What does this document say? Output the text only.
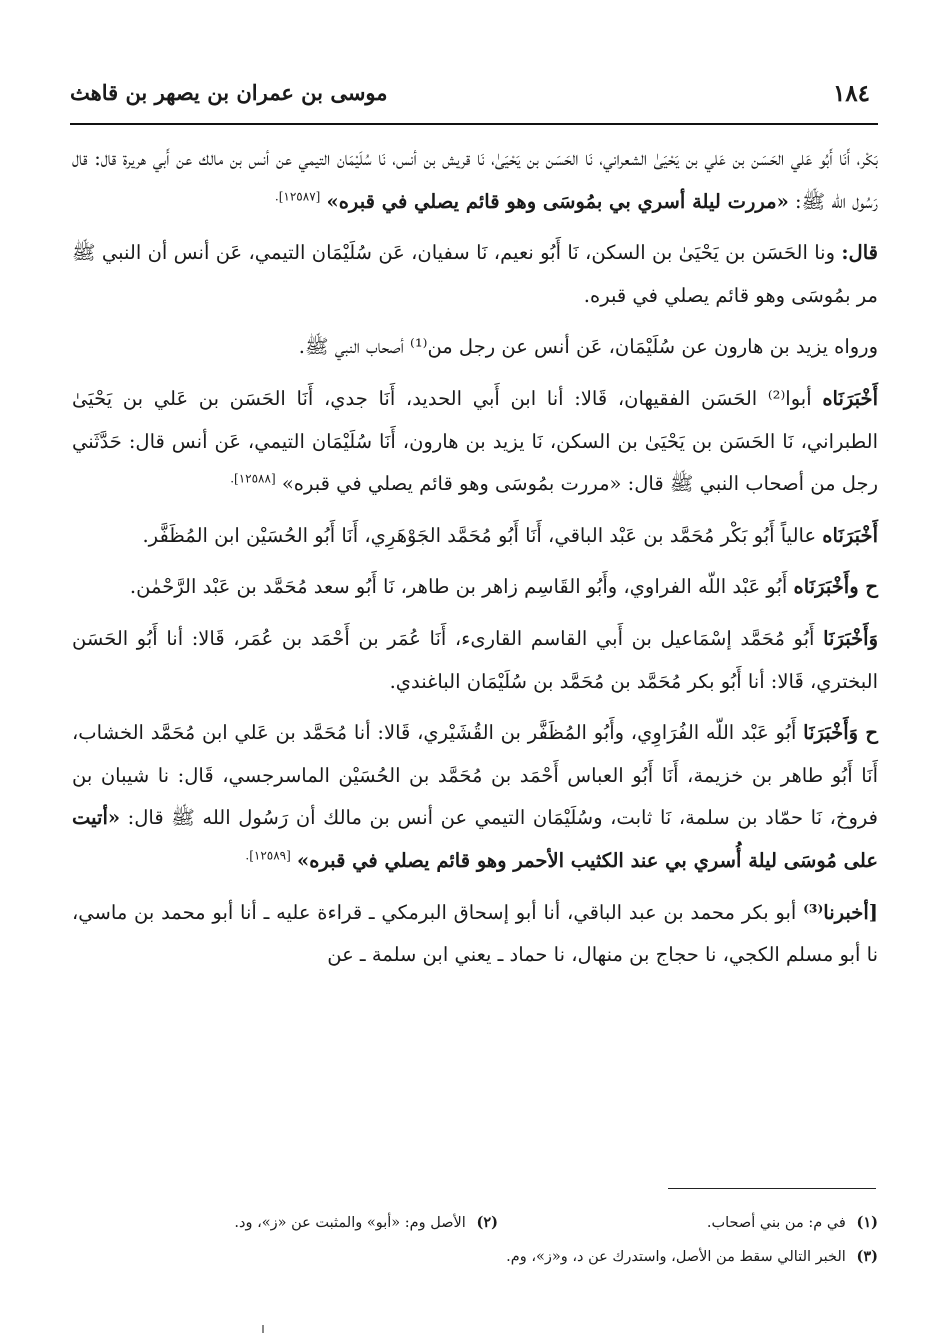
١٨٤
موسى بن عمران بن يصهر بن قاهث

بَكْر، أَنَا أَبُو عَلي الحَسَن بن عَلي بن يَحْيَىٰ الشعراني، نَا الحَسَن بن يَحْيَىٰ، نَا قريش بن أنس، نَا سُلَيْمَان التيمي عن أنس بن مالك عن أَبي هريرة قال: قال رَسُول الله ﷺ: «مررت ليلة أسري بي بمُوسَى وهو قائم يصلي في قبره» $^{[١٢٥٨٧].}$

قال: ونا الحَسَن بن يَحْيَىٰ بن السكن، نَا أَبُو نعيم، نَا سفيان، عَن سُلَيْمَان التيمي، عَن أنس أن النبي ﷺ مر بمُوسَى وهو قائم يصلي في قبره.

ورواه يزيد بن هارون عن سُلَيْمَان، عَن أنس عن رجل من⁽¹⁾ أصحاب النبي ﷺ.

أَخْبَرَنَاه أبوا⁽²⁾ الحَسَن الفقيهان، قَالا: أنا ابن أَبي الحديد، أَنَا جدي، أَنَا الحَسَن بن عَلي بن يَحْيَىٰ الطبراني، نَا الحَسَن بن يَحْيَىٰ بن السكن، نَا يزيد بن هارون، أَنَا سُلَيْمَان التيمي، عَن أنس قال: حَدَّثَني رجل من أصحاب النبي ﷺ قال: «مررت بمُوسَى وهو قائم يصلي في قبره» $^{[١٢٥٨٨].}$

أَخْبَرَنَاه عالياً أَبُو بَكْر مُحَمَّد بن عَبْد الباقي، أَنَا أَبُو مُحَمَّد الجَوْهَرِي، أَنَا أَبُو الحُسَيْن ابن المُظَفَّر.

ح وأَخْبَرَنَاه أَبُو عَبْد اللّه الفراوي، وأَبُو القَاسِم زاهر بن طاهر، نَا أَبُو سعد مُحَمَّد بن عَبْد الرَّحْمٰن.

وَأَخْبَرَنَا أَبُو مُحَمَّد إسْمَاعيل بن أَبي القاسم القارىء، أَنَا عُمَر بن أَحْمَد بن عُمَر، قَالا: أنا أَبُو الحَسَن البختري، قَالا: أنا أَبُو بكر مُحَمَّد بن مُحَمَّد بن سُلَيْمَان الباغندي.

ح وَأَخْبَرَنَا أَبُو عَبْد اللّه الفُرَاوِي، وأَبُو المُظَفَّر بن القُشَيْري، قَالا: أنا مُحَمَّد بن عَلي ابن مُحَمَّد الخشاب، أَنَا أَبُو طاهر بن خزيمة، أَنَا أَبُو العباس أَحْمَد بن مُحَمَّد بن الحُسَيْن الماسرجسي، قَال: نا شيبان بن فروخ، نَا حمّاد بن سلمة، نَا ثابت، وسُلَيْمَان التيمي عن أنس بن مالك أن رَسُول الله ﷺ قال: «أتيت على مُوسَى ليلة أُسري بي عند الكثيب الأحمر وهو قائم يصلي في قبره» $^{[١٢٥٨٩].}$

[أخبرنا⁽³⁾ أبو بكر محمد بن عبد الباقي، أنا أبو إسحاق البرمكي ـ قراءة عليه ـ أنا أبو محمد بن ماسي، نا أبو مسلم الكجي، نا حجاج بن منهال، نا حماد ـ يعني ابن سلمة ـ عن

(١) في م: من بني أصحاب.
(٢) الأصل وم: «أبو» والمثبت عن «ز»، ود.
(٣) الخبر التالي سقط من الأصل، واستدرك عن د، و«ز»، وم.
